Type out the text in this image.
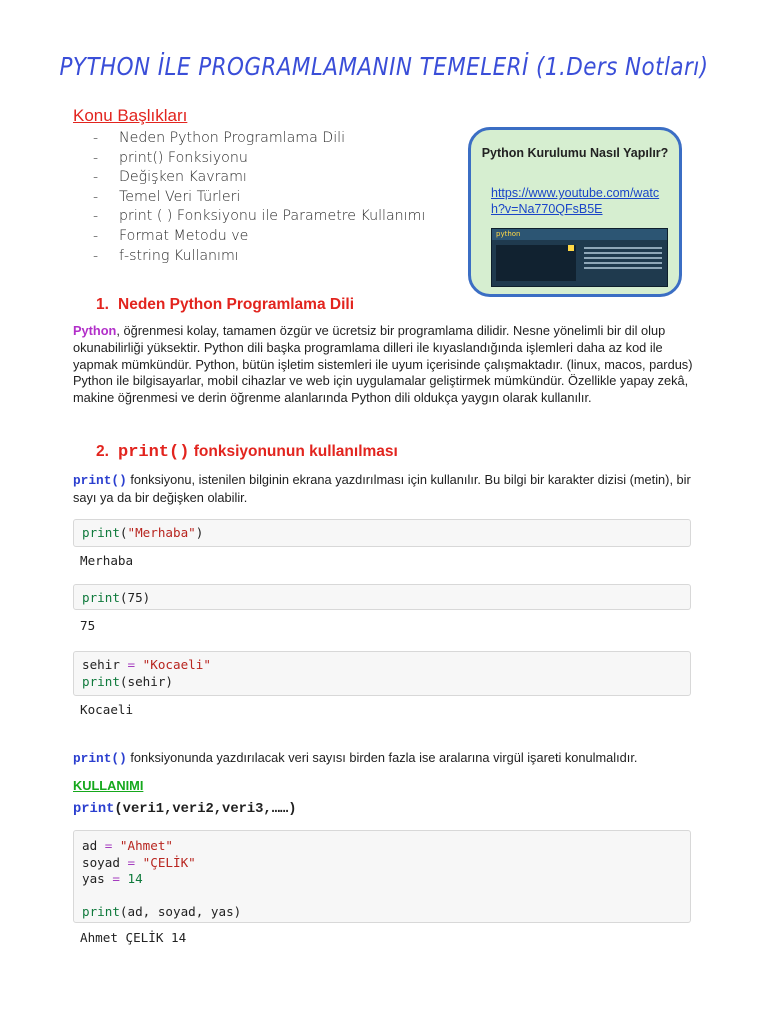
PYTHON İLE PROGRAMLAMANIN TEMELERİ (1.Ders Notları)
Konu Başlıkları
- Neden Python Programlama Dili
- print() Fonksiyonu
- Değişken Kavramı
- Temel Veri Türleri
- print ( ) Fonksiyonu ile Parametre Kullanımı
- Format Metodu ve
- f-string Kullanımı
Python Kurulumu Nasıl Yapılır?
https://www.youtube.com/watch?v=Na770QFsB5E
python
1. Neden Python Programlama Dili
Python, öğrenmesi kolay, tamamen özgür ve ücretsiz bir programlama dilidir. Nesne yönelimli bir dil olup okunabilirliği yüksektir. Python dili başka programlama dilleri ile kıyaslandığında işlemleri daha az kod ile yapmak mümkündür. Python, bütün işletim sistemleri ile uyum içerisinde çalışmaktadır. (linux, macos, pardus) Python ile bilgisayarlar, mobil cihazlar ve web için uygulamalar geliştirmek mümkündür. Özellikle yapay zekâ, makine öğrenmesi ve derin öğrenme alanlarında Python dili oldukça yaygın olarak kullanılır.
2. print() fonksiyonunun kullanılması
print() fonksiyonu, istenilen bilginin ekrana yazdırılması için kullanılır. Bu bilgi bir karakter dizisi (metin), bir sayı ya da bir değişken olabilir.
print("Merhaba")
Merhaba
print(75)
75
sehir = "Kocaeli"
print(sehir)
Kocaeli
print() fonksiyonunda yazdırılacak veri sayısı birden fazla ise aralarına virgül işareti konulmalıdır.
KULLANIMI
print(veri1,veri2,veri3,……)
ad = "Ahmet"
soyad = "ÇELİK"
yas = 14
print(ad, soyad, yas)
Ahmet ÇELİK 14
